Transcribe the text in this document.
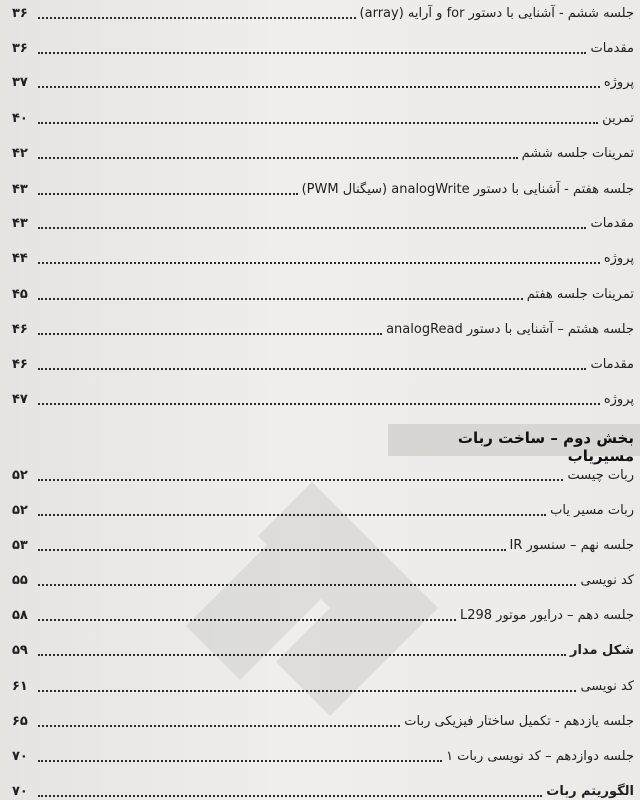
جلسه ششم - آشنایی با دستور for و آرایه (array)
۳۶
مقدمات
۳۶
پروژه
۳۷
تمرین
۴۰
تمرینات جلسه ششم
۴۲
جلسه هفتم - آشنایی با دستور analogWrite (سیگنال PWM)
۴۳
مقدمات
۴۳
پروژه
۴۴
تمرینات جلسه هفتم
۴۵
جلسه هشتم – آشنایی با دستور analogRead
۴۶
مقدمات
۴۶
پروژه
۴۷
بخش دوم – ساخت ربات مسیریاب
ربات چیست
۵۲
ربات مسیر یاب
۵۲
جلسه نهم – سنسور IR
۵۳
کد نویسی
۵۵
جلسه دهم – درایور موتور L298
۵۸
شکل مدار
۵۹
کد نویسی
۶۱
جلسه یازدهم - تکمیل ساختار فیزیکی ربات
۶۵
جلسه دوازدهم – کد نویسی ربات ۱
۷۰
الگوریتم ربات
۷۰
